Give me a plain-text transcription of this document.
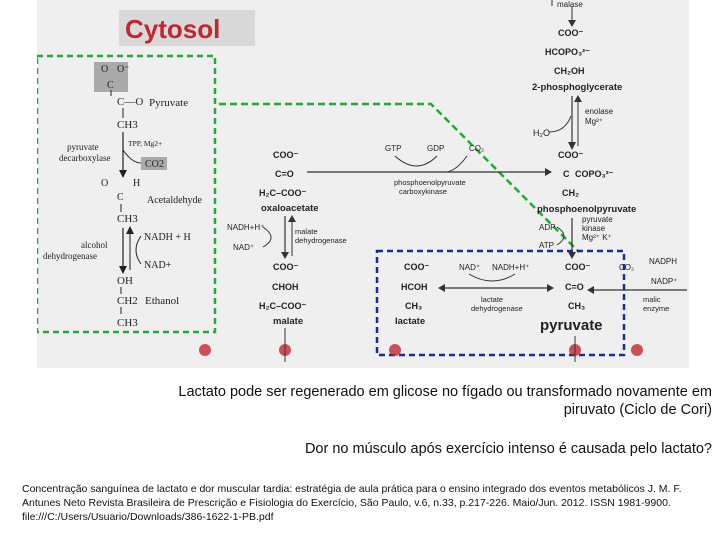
Cytosol
malase
O O⁻
C
C—O Pyruvate
CH3
TPP, Mg2+
pyruvate
decarboxylase
CO2
O H
C Acetaldehyde
CH3
NADH + H
NAD+
alcohol
dehydrogenase
OH
CH2 Ethanol
CH3
COO⁻
HCOPO₃²⁻
CH₂OH
2-phosphoglycerate
enolase
Mg²⁺
H₂O
COO⁻
C COPO₃²⁻
CH₂
phosphoenolpyruvate
pyruvate
kinase
Mg²⁺ K⁺
ADP
ATP
GTP	GDP	CO₂
phosphoenolpyruvate
carboxykinase
COO⁻
C=O
H₂C–COO⁻
oxaloacetate
NADH+H⁺
NAD⁺
malate
dehydrogenase
COO⁻
CHOH
H₂C–COO⁻
malate
COO⁻
HCOH
CH₃
lactate
NAD⁺ NADH+H⁺
lactate
dehydrogenase
COO⁻
C=O
CH₃
pyruvate
CO₂
NADPH
NADP⁺
malic
enzyme
Lactato pode ser regenerado em glicose no fígado ou transformado novamente em piruvato (Ciclo de Cori)
Dor no músculo após exercício intenso é causada pelo lactato?
Concentração sanguínea de lactato e dor muscular tardia: estratégia de aula prática para o ensino integrado dos eventos metabólicos J. M. F. Antunes Neto Revista Brasileira de Prescrição e Fisiologia do Exercício, São Paulo, v.6, n.33, p.217-226. Maio/Jun. 2012. ISSN 1981-9900. file:///C:/Users/Usuario/Downloads/386-1622-1-PB.pdf
